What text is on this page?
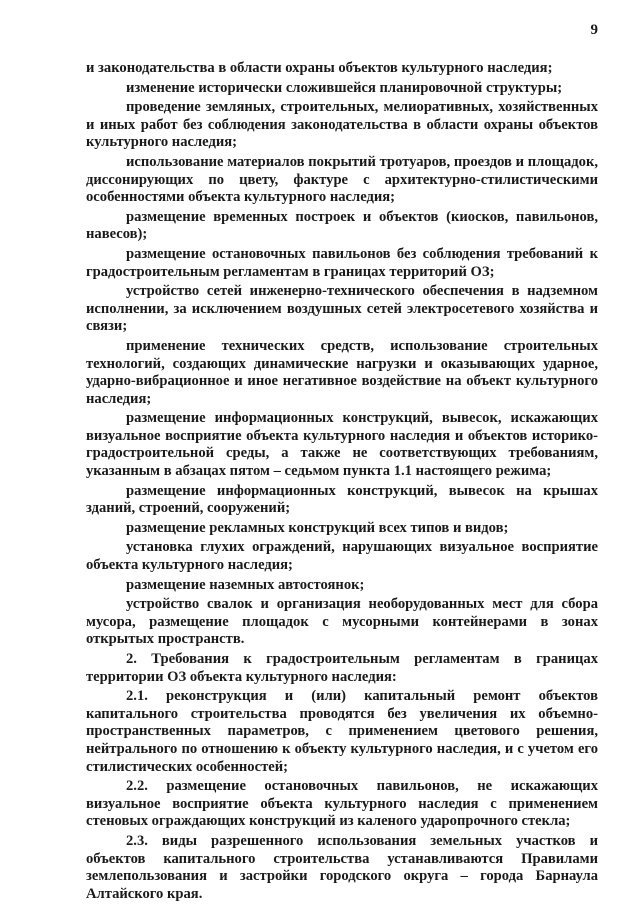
9

и законодательства в области охраны объектов культурного наследия;

изменение исторически сложившейся планировочной структуры;

проведение земляных, строительных, мелиоративных, хозяйственных и иных работ без соблюдения законодательства в области охраны объектов культурного наследия;

использование материалов покрытий тротуаров, проездов и площадок, диссонирующих по цвету, фактуре с архитектурно-стилистическими особенностями объекта культурного наследия;

размещение временных построек и объектов (киосков, павильонов, навесов);

размещение остановочных павильонов без соблюдения требований к градостроительным регламентам в границах территорий ОЗ;

устройство сетей инженерно-технического обеспечения в надземном исполнении, за исключением воздушных сетей электросетевого хозяйства и связи;

применение технических средств, использование строительных технологий, создающих динамические нагрузки и оказывающих ударное, ударно-вибрационное и иное негативное воздействие на объект культурного наследия;

размещение информационных конструкций, вывесок, искажающих визуальное восприятие объекта культурного наследия и объектов историко-градостроительной среды, а также не соответствующих требованиям, указанным в абзацах пятом – седьмом пункта 1.1 настоящего режима;

размещение информационных конструкций, вывесок на крышах зданий, строений, сооружений;

размещение рекламных конструкций всех типов и видов;

установка глухих ограждений, нарушающих визуальное восприятие объекта культурного наследия;

размещение наземных автостоянок;

устройство свалок и организация необорудованных мест для сбора мусора, размещение площадок с мусорными контейнерами в зонах открытых пространств.

2. Требования к градостроительным регламентам в границах территории ОЗ объекта культурного наследия:

2.1. реконструкция и (или) капитальный ремонт объектов капитального строительства проводятся без увеличения их объемно-пространственных параметров, с применением цветового решения, нейтрального по отношению к объекту культурного наследия, и с учетом его стилистических особенностей;

2.2. размещение остановочных павильонов, не искажающих визуальное восприятие объекта культурного наследия с применением стеновых ограждающих конструкций из каленого ударопрочного стекла;

2.3. виды разрешенного использования земельных участков и объектов капитального строительства устанавливаются Правилами землепользования и застройки городского округа – города Барнаула Алтайского края.
